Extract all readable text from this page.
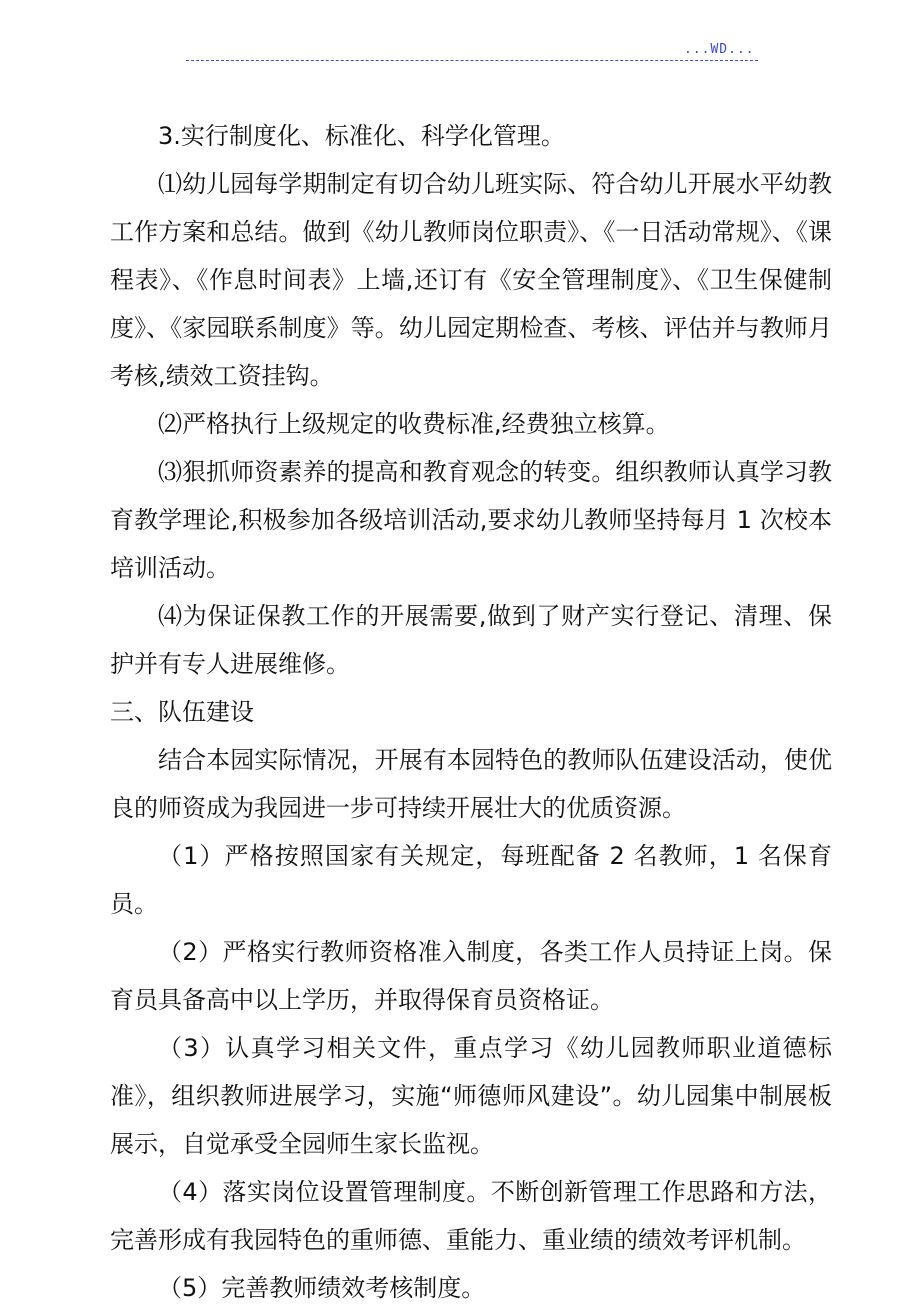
...WD...

3.实行制度化、标准化、科学化管理。

⑴幼儿园每学期制定有切合幼儿班实际、符合幼儿开展水平幼教工作方案和总结。做到《幼儿教师岗位职责》、《一日活动常规》、《课程表》、《作息时间表》上墙,还订有《安全管理制度》、《卫生保健制度》、《家园联系制度》等。幼儿园定期检查、考核、评估并与教师月考核,绩效工资挂钩。

⑵严格执行上级规定的收费标准,经费独立核算。

⑶狠抓师资素养的提高和教育观念的转变。组织教师认真学习教育教学理论,积极参加各级培训活动,要求幼儿教师坚持每月 1 次校本培训活动。

⑷为保证保教工作的开展需要,做到了财产实行登记、清理、保护并有专人进展维修。

三、队伍建设

结合本园实际情况，开展有本园特色的教师队伍建设活动，使优良的师资成为我园进一步可持续开展壮大的优质资源。

（1）严格按照国家有关规定，每班配备 2 名教师，1 名保育员。

（2）严格实行教师资格准入制度，各类工作人员持证上岗。保育员具备高中以上学历，并取得保育员资格证。

（3）认真学习相关文件，重点学习《幼儿园教师职业道德标准》，组织教师进展学习，实施“师德师风建设”。幼儿园集中制展板展示，自觉承受全园师生家长监视。

（4）落实岗位设置管理制度。不断创新管理工作思路和方法，完善形成有我园特色的重师德、重能力、重业绩的绩效考评机制。

（5）完善教师绩效考核制度。
